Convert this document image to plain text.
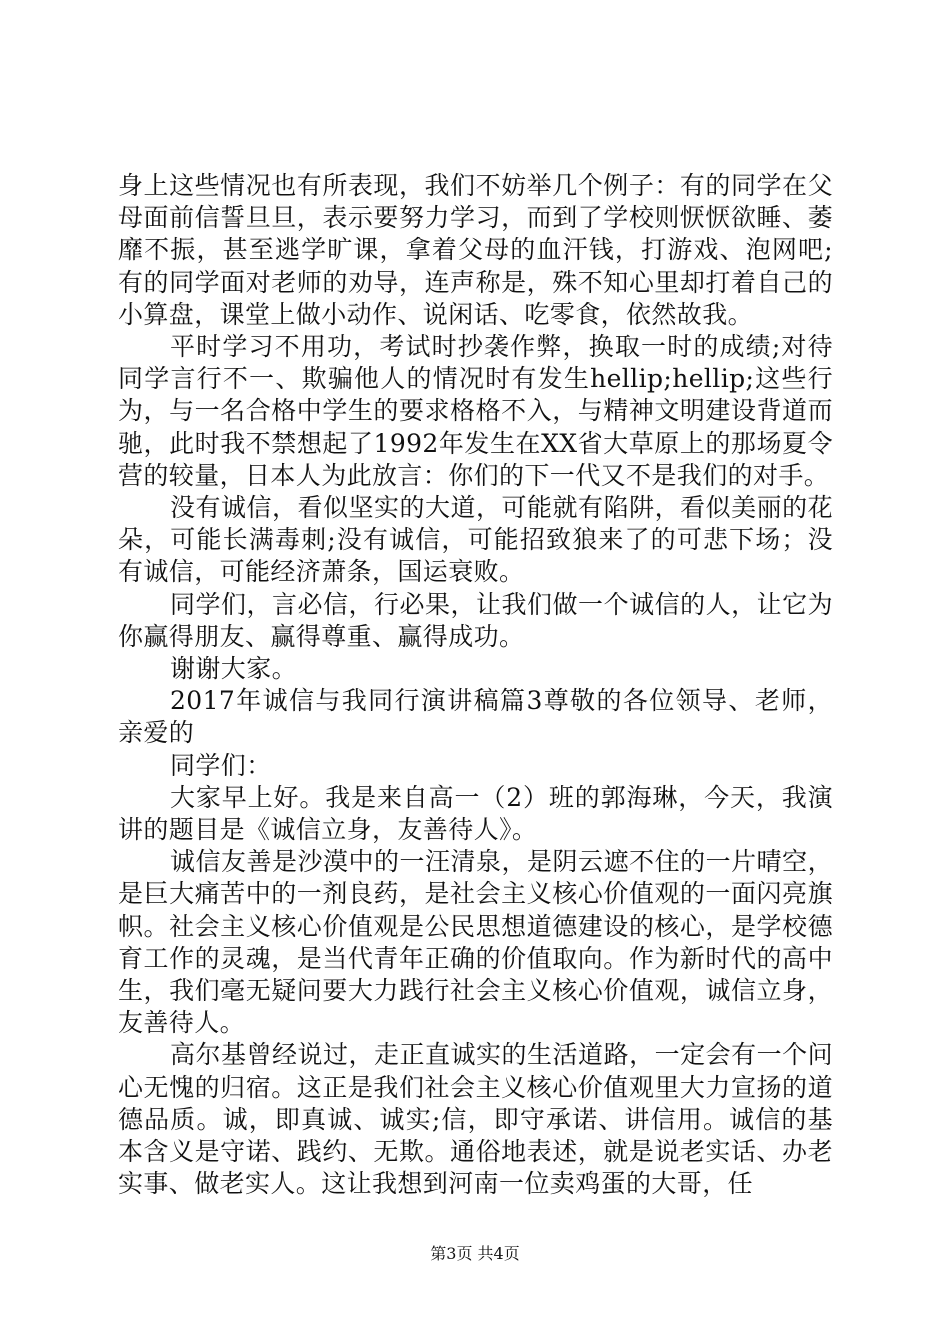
身上这些情况也有所表现，我们不妨举几个例子：有的同学在父母面前信誓旦旦，表示要努力学习，而到了学校则恹恹欲睡、萎靡不振，甚至逃学旷课，拿着父母的血汗钱，打游戏、泡网吧;有的同学面对老师的劝导，连声称是，殊不知心里却打着自己的小算盘，课堂上做小动作、说闲话、吃零食，依然故我。

平时学习不用功，考试时抄袭作弊，换取一时的成绩;对待同学言行不一、欺骗他人的情况时有发生hellip;hellip;这些行为，与一名合格中学生的要求格格不入，与精神文明建设背道而驰，此时我不禁想起了1992年发生在XX省大草原上的那场夏令营的较量，日本人为此放言：你们的下一代又不是我们的对手。

没有诚信，看似坚实的大道，可能就有陷阱，看似美丽的花朵，可能长满毒刺;没有诚信，可能招致狼来了的可悲下场；没有诚信，可能经济萧条，国运衰败。

同学们，言必信，行必果，让我们做一个诚信的人，让它为你赢得朋友、赢得尊重、赢得成功。

谢谢大家。

2017年诚信与我同行演讲稿篇3尊敬的各位领导、老师，亲爱的

同学们：

大家早上好。我是来自高一（2）班的郭海琳，今天，我演讲的题目是《诚信立身，友善待人》。

诚信友善是沙漠中的一汪清泉，是阴云遮不住的一片晴空，是巨大痛苦中的一剂良药，是社会主义核心价值观的一面闪亮旗帜。社会主义核心价值观是公民思想道德建设的核心，是学校德育工作的灵魂，是当代青年正确的价值取向。作为新时代的高中生，我们毫无疑问要大力践行社会主义核心价值观，诚信立身，友善待人。

高尔基曾经说过，走正直诚实的生活道路，一定会有一个问心无愧的归宿。这正是我们社会主义核心价值观里大力宣扬的道德品质。诚，即真诚、诚实;信，即守承诺、讲信用。诚信的基本含义是守诺、践约、无欺。通俗地表述，就是说老实话、办老实事、做老实人。这让我想到河南一位卖鸡蛋的大哥，任

第3页 共4页
